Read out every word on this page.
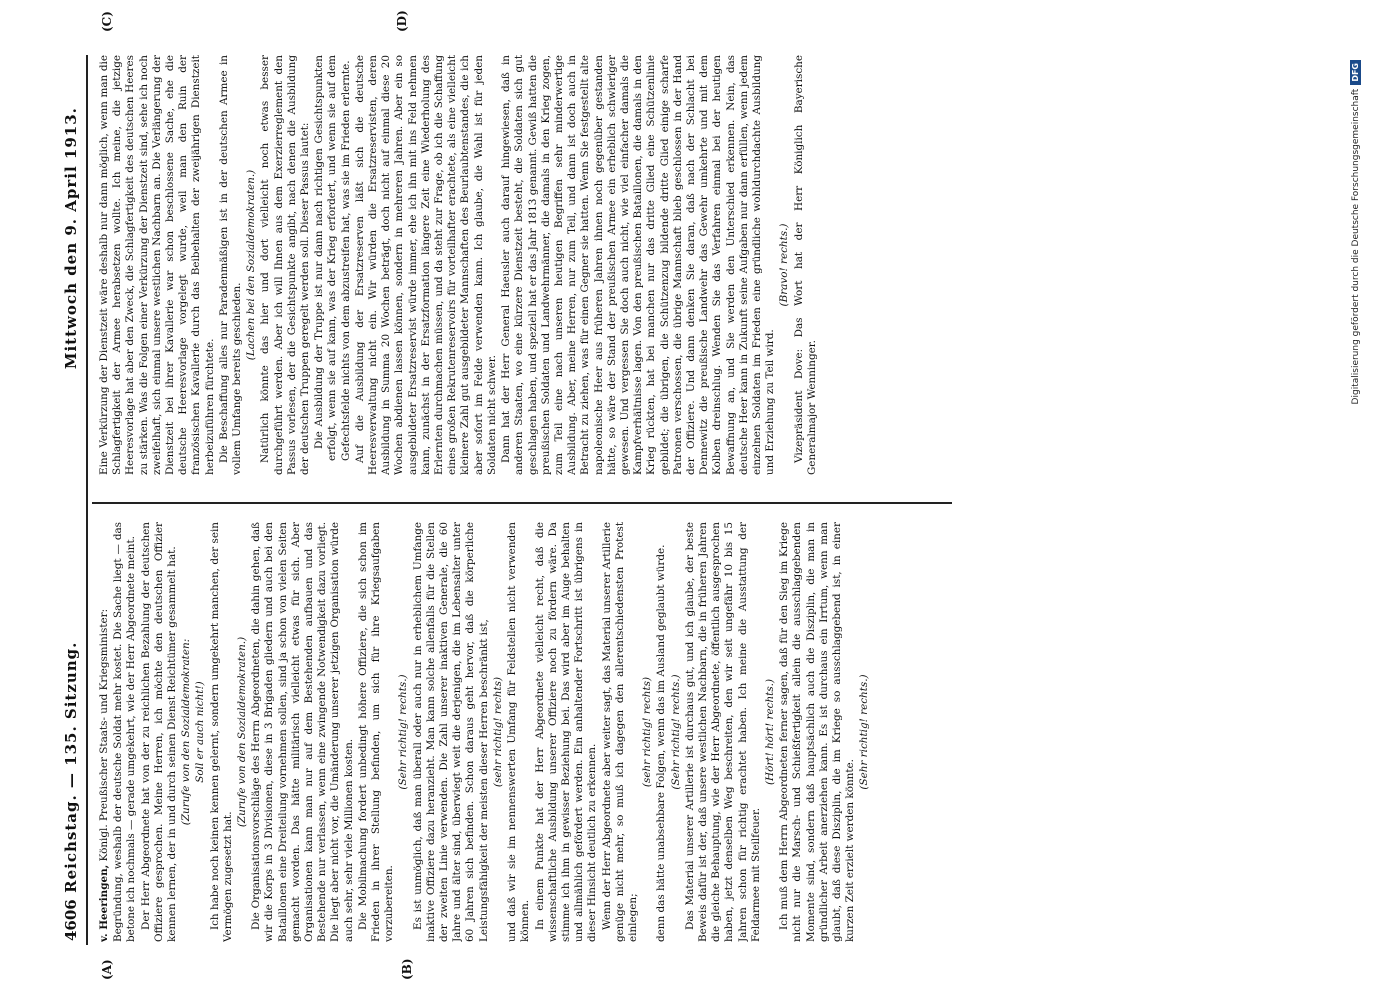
4606
Reichstag. — 135. Sitzung.  Mittwoch den 9. April 1913.
(A)	(B)
(C)	(D)

v. Heeringen, Königl. Preußischer Staats- und Kriegsminister: Begründung, weshalb der deutsche Soldat mehr kostet. Die Sache liegt — das betone ich nochmals — gerade umgekehrt, wie der Herr Abgeordnete meint. Der Herr Abgeordnete hat von der zu reichlichen Bezahlung der deutschen Offiziere gesprochen. Meine Herren, ich möchte den deutschen Offizier kennen lernen, der in und durch seinen Dienst Reichtümer gesammelt hat. (Zurufe von den Sozialdemokraten: Soll er auch nicht!) Ich habe noch keinen kennen gelernt, sondern umgekehrt manchen, der sein Vermögen zugesetzt hat.

(Zurufe von den Sozialdemokraten.) Die Organisationsvorschläge des Herrn Abgeordneten, die dahin gehen, daß wir die Korps in 3 Divisionen, diese in 3 Brigaden gliedern und auch bei den Bataillonen eine Dreiteilung vornehmen sollen, sind ja schon von vielen Seiten gemacht worden. Das hätte militärisch vielleicht etwas für sich. Aber Organisationen kann man nur auf dem Bestehenden aufbauen und das Bestehende nur verlassen, wenn eine zwingende Notwendigkeit dazu vorliegt. Die liegt aber nicht vor, die Umänderung unserer jetzigen Organisation würde auch sehr, sehr viele Millionen kosten. Die Mobilmachung fordert unbedingt höhere Offiziere, die sich schon im Frieden in ihrer Stellung befinden, um sich für ihre Kriegsaufgaben vorzubereiten.

(Sehr richtig! rechts.) Es ist unmöglich, daß man überall oder auch nur in erheblichem Umfange inaktive Offiziere dazu heranzieht. Man kann solche allenfalls für die Stellen der zweiten Linie verwenden. Die Zahl unserer inaktiven Generale, die 60 Jahre und älter sind, überwiegt weit die derjenigen, die im Lebensalter unter 60 Jahren sich befinden. Schon daraus geht hervor, daß die körperliche Leistungsfähigkeit der meisten dieser Herren beschränkt ist, (sehr richtig! rechts) und daß wir sie im nennenswerten Umfang für Feldstellen nicht verwenden können. In einem Punkte hat der Herr Abgeordnete vielleicht recht, daß die wissenschaftliche Ausbildung unserer Offiziere noch zu fördern wäre. Da stimme ich ihm in gewisser Beziehung bei. Das wird aber im Auge behalten und allmählich gefördert werden. Ein anhaltender Fortschritt ist übrigens in dieser Hinsicht deutlich zu erkennen. Wenn der Herr Abgeordnete aber weiter sagt, das Material unserer Artillerie genüge nicht mehr, so muß ich dagegen den allerentschiedensten Protest einlegen;

(sehr richtig! rechts) denn das hätte unabsehbare Folgen, wenn das im Ausland geglaubt würde. (Sehr richtig! rechts.) Das Material unserer Artillerie ist durchaus gut, und ich glaube, der beste Beweis dafür ist der, daß unsere westlichen Nachbarn, die in früheren Jahren die gleiche Behauptung, wie der Herr Abgeordnete, öffentlich ausgesprochen haben, jetzt denselben Weg beschreiten, den wir seit ungefähr 10 bis 15 Jahren schon für richtig erachtet haben. Ich meine die Ausstattung der Feldarmee mit Steilfeuer.

(Hört! hört! rechts.) Ich muß dem Herrn Abgeordneten ferner sagen, daß für den Sieg im Kriege nicht nur die Marsch- und Schießfertigkeit allein die ausschlaggebenden Momente sind, sondern daß hauptsächlich auch die Disziplin, die man in gründlicher Arbeit anerziehen kann. Es ist durchaus ein Irrtum, wenn man glaubt, daß diese Disziplin, die im Kriege so ausschlaggebend ist, in einer kurzen Zeit erzielt werden könnte.

(Sehr richtig! rechts.)

Eine Verkürzung der Dienstzeit wäre deshalb nur dann möglich, wenn man die Schlagfertigkeit der Armee herabsetzen wollte. Ich meine, die jetzige Heeresvorlage hat aber den Zweck, die Schlagfertigkeit des deutschen Heeres zu stärken. Was die Folgen einer Verkürzung der Dienstzeit sind, sehe ich noch zweifelhaft, sich einmal unsere westlichen Nachbarn an. Die Verlängerung der Dienstzeit bei ihrer Kavallerie war schon beschlossene Sache, ehe die deutsche Heeresvorlage vorgelegt wurde, weil man den Ruin der französischen Kavallerie durch das Beibehalten der zweijährigen Dienstzeit herbeizuführen fürchtete. Die Beschaffung alles nur Paradenmäßigen ist in der deutschen Armee in vollem Umfange bereits geschieden.

(Lachen bei den Sozialdemokraten.) Natürlich könnte das hier und dort vielleicht noch etwas besser durchgeführt werden. Aber ich will Ihnen aus dem Exerzierreglement den Passus vorlesen, der die Gesichtspunkte angibt, nach denen die Ausbildung der deutschen Truppen geregelt werden soll. Dieser Passus lautet: Die Ausbildung der Truppe ist nur dann nach richtigen Gesichtspunkten erfolgt, wenn sie auf kann, was der Krieg erfordert, und wenn sie auf dem Gefechtsfelde nichts von dem abzustreifen hat, was sie im Frieden erlernte. Auf die Ausbildung der Ersatzreserven läßt sich die deutsche Heeresverwaltung nicht ein. Wir würden die Ersatzreservisten, deren Ausbildung in Summa 20 Wochen beträgt, doch nicht auf einmal diese 20 Wochen abdienen lassen können, sondern in mehreren Jahren. Aber ein so ausgebildeter Ersatzreservist würde immer, ehe ich ihn mit ins Feld nehmen kann, zunächst in der Ersatzformation längere Zeit eine Wiederholung des Erlernten durchmachen müssen, und da steht zur Frage, ob ich die Schaffung eines großen Rekrutenreservoirs für vorteilhafter erachtete, als eine vielleicht kleinere Zahl gut ausgebildeter Mannschaften des Beurlaubtenstandes, die ich aber sofort im Felde verwenden kann. Ich glaube, die Wahl ist für jeden Soldaten nicht schwer. Dann hat der Herr General Haeusler auch darauf hingewiesen, daß in anderen Staaten, wo eine kürzere Dienstzeit besteht, die Soldaten sich gut geschlagen haben, und speziell hat er das Jahr 1813 genannt. Gewiß hatten die preußischen Soldaten und Landwehrmänner, die damals in den Krieg zogen, zum Teil eine nach unseren heutigen Begriffen sehr minderwertige Ausbildung. Aber, meine Herren, nur zum Teil, und dann ist doch auch in Betracht zu ziehen, was für einen Gegner sie hatten. Wenn Sie festgestellt alte napoleonische Heer aus früheren Jahren ihnen noch gegenüber gestanden hätte, so wäre der Stand der preußischen Armee ein erheblich schwieriger gewesen. Und vergessen Sie doch auch nicht, wie viel einfacher damals die Kampfverhältnisse lagen. Von den preußischen Bataillonen, die damals in den Krieg rückten, hat bei manchen nur das dritte Glied eine Schützenlinie gebildet; die übrigen, die Schützenzug bildende dritte Glied einige scharfe Patronen verschossen, die übrige Mannschaft blieb geschlossen in der Hand der Offiziere. Und dann denken Sie daran, daß nach der Schlacht bei Dennewitz die preußische Landwehr das Gewehr umkehrte und mit dem Kolben dreinschlug. Wenden Sie das Verfahren einmal bei der heutigen Bewaffnung an, und Sie werden den Unterschied erkennen. Nein, das deutsche Heer kann in Zukunft seine Aufgaben nur dann erfüllen, wenn jedem einzelnen Soldaten im Frieden eine gründliche wohldurchdachte Ausbildung und Erziehung zu Teil wird.

(Bravo! rechts.) Vizepräsident Dove: Das Wort hat der Herr Königlich Bayerische Generalmajor Wenninger.

Digitalisierung gefördert durch die Deutsche ForschungsgemeinschaftDFG
